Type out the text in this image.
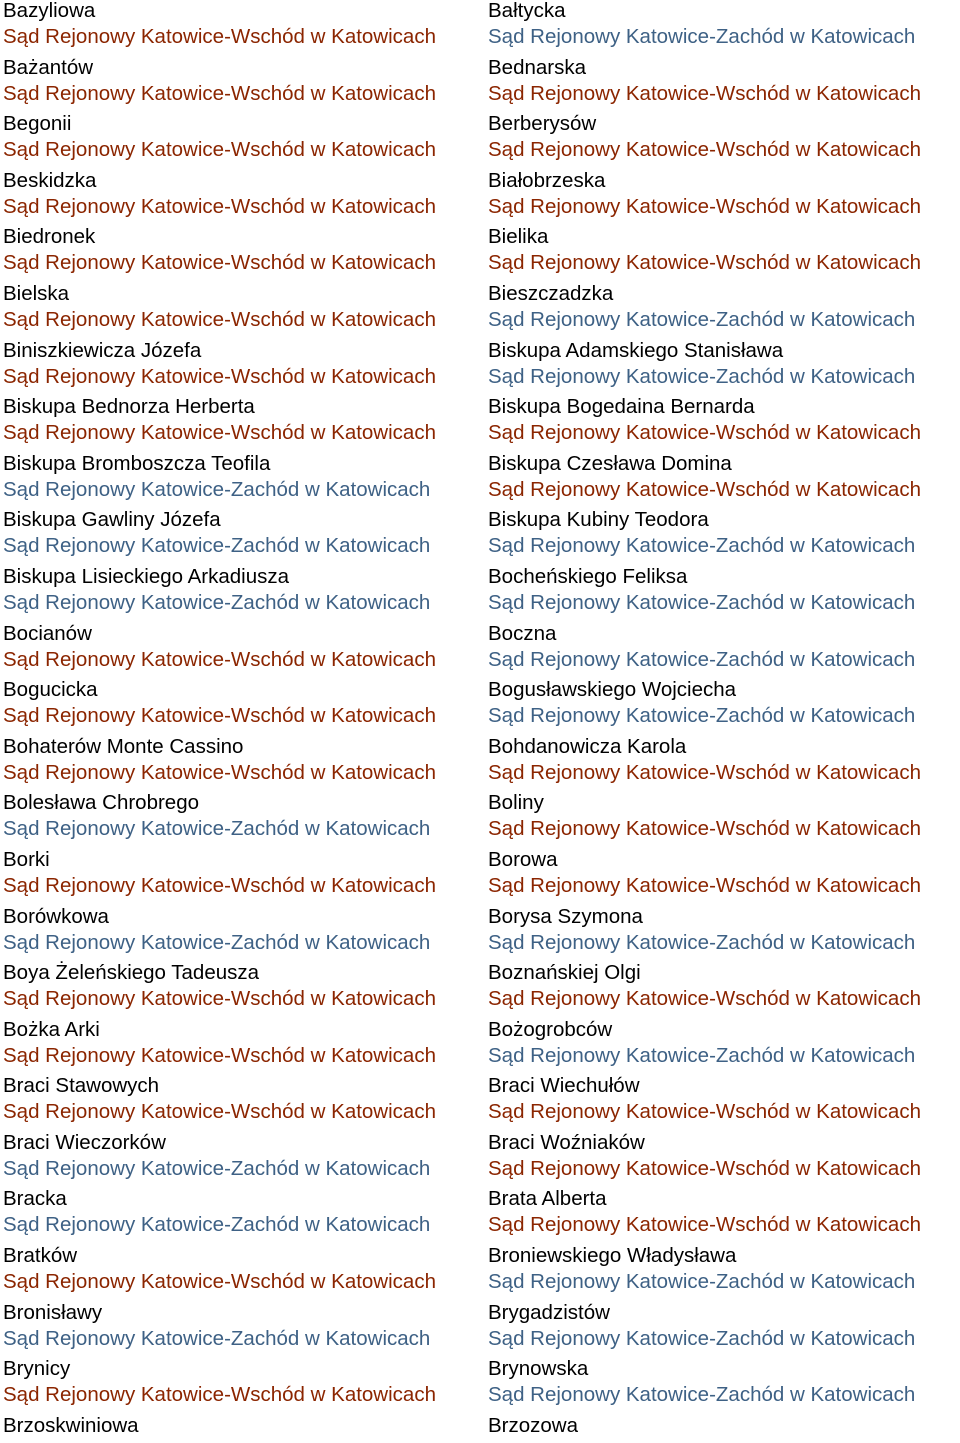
Bazyliowa
Sąd Rejonowy Katowice-Wschód w Katowicach
Bażantów
Sąd Rejonowy Katowice-Wschód w Katowicach
Begonii
Sąd Rejonowy Katowice-Wschód w Katowicach
Beskidzka
Sąd Rejonowy Katowice-Wschód w Katowicach
Biedronek
Sąd Rejonowy Katowice-Wschód w Katowicach
Bielska
Sąd Rejonowy Katowice-Wschód w Katowicach
Biniszkiewicza Józefa
Sąd Rejonowy Katowice-Wschód w Katowicach
Biskupa Bednorza Herberta
Sąd Rejonowy Katowice-Wschód w Katowicach
Biskupa Bromboszcza Teofila
Sąd Rejonowy Katowice-Zachód w Katowicach
Biskupa Gawliny Józefa
Sąd Rejonowy Katowice-Zachód w Katowicach
Biskupa Lisieckiego Arkadiusza
Sąd Rejonowy Katowice-Zachód w Katowicach
Bocianów
Sąd Rejonowy Katowice-Wschód w Katowicach
Bogucicka
Sąd Rejonowy Katowice-Wschód w Katowicach
Bohaterów Monte Cassino
Sąd Rejonowy Katowice-Wschód w Katowicach
Bolesława Chrobrego
Sąd Rejonowy Katowice-Zachód w Katowicach
Borki
Sąd Rejonowy Katowice-Wschód w Katowicach
Borówkowa
Sąd Rejonowy Katowice-Zachód w Katowicach
Boya Żeleńskiego Tadeusza
Sąd Rejonowy Katowice-Wschód w Katowicach
Bożka Arki
Sąd Rejonowy Katowice-Wschód w Katowicach
Braci Stawowych
Sąd Rejonowy Katowice-Wschód w Katowicach
Braci Wieczorków
Sąd Rejonowy Katowice-Zachód w Katowicach
Bracka
Sąd Rejonowy Katowice-Zachód w Katowicach
Bratków
Sąd Rejonowy Katowice-Wschód w Katowicach
Bronisławy
Sąd Rejonowy Katowice-Zachód w Katowicach
Brynicy
Sąd Rejonowy Katowice-Wschód w Katowicach
Brzoskwiniowa
Bałtycka
Sąd Rejonowy Katowice-Zachód w Katowicach
Bednarska
Sąd Rejonowy Katowice-Wschód w Katowicach
Berberysów
Sąd Rejonowy Katowice-Wschód w Katowicach
Białobrzeska
Sąd Rejonowy Katowice-Wschód w Katowicach
Bielika
Sąd Rejonowy Katowice-Wschód w Katowicach
Bieszczadzka
Sąd Rejonowy Katowice-Zachód w Katowicach
Biskupa Adamskiego Stanisława
Sąd Rejonowy Katowice-Zachód w Katowicach
Biskupa Bogedaina Bernarda
Sąd Rejonowy Katowice-Wschód w Katowicach
Biskupa Czesława Domina
Sąd Rejonowy Katowice-Wschód w Katowicach
Biskupa Kubiny Teodora
Sąd Rejonowy Katowice-Zachód w Katowicach
Bocheńskiego Feliksa
Sąd Rejonowy Katowice-Zachód w Katowicach
Boczna
Sąd Rejonowy Katowice-Zachód w Katowicach
Bogusławskiego Wojciecha
Sąd Rejonowy Katowice-Zachód w Katowicach
Bohdanowicza Karola
Sąd Rejonowy Katowice-Wschód w Katowicach
Boliny
Sąd Rejonowy Katowice-Wschód w Katowicach
Borowa
Sąd Rejonowy Katowice-Wschód w Katowicach
Borysa Szymona
Sąd Rejonowy Katowice-Zachód w Katowicach
Boznańskiej Olgi
Sąd Rejonowy Katowice-Wschód w Katowicach
Bożogrobców
Sąd Rejonowy Katowice-Zachód w Katowicach
Braci Wiechułów
Sąd Rejonowy Katowice-Wschód w Katowicach
Braci Woźniaków
Sąd Rejonowy Katowice-Wschód w Katowicach
Brata Alberta
Sąd Rejonowy Katowice-Wschód w Katowicach
Broniewskiego Władysława
Sąd Rejonowy Katowice-Zachód w Katowicach
Brygadzistów
Sąd Rejonowy Katowice-Zachód w Katowicach
Brynowska
Sąd Rejonowy Katowice-Zachód w Katowicach
Brzozowa
